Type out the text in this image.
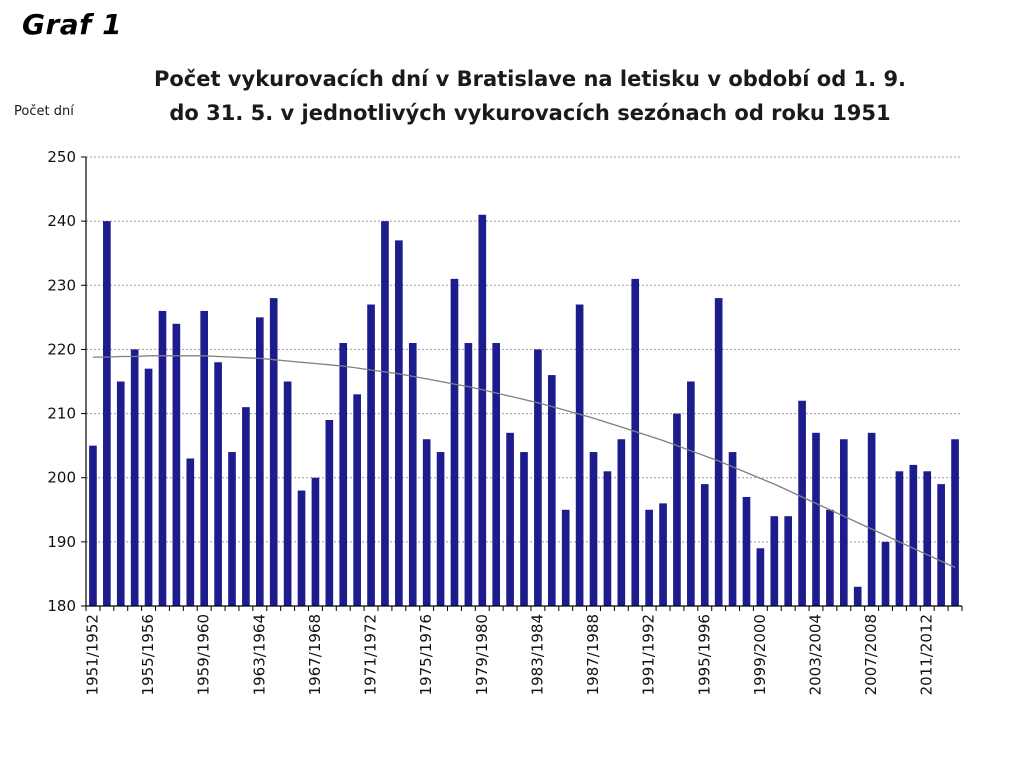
Graf 1
Počet vykurovacích dní v Bratislave na letisku v období od 1. 9.
do 31. 5. v jednotlivých vykurovacích sezónach od roku 1951
Počet dní
180
190
200
210
220
230
240
250
1951/1952	1955/1956	1959/1960	1963/1964	1967/1968	1971/1972	1975/1976	1979/1980	1983/1984	1987/1988	1991/1992	1995/1996	1999/2000	2003/2004	2007/2008	2011/2012
